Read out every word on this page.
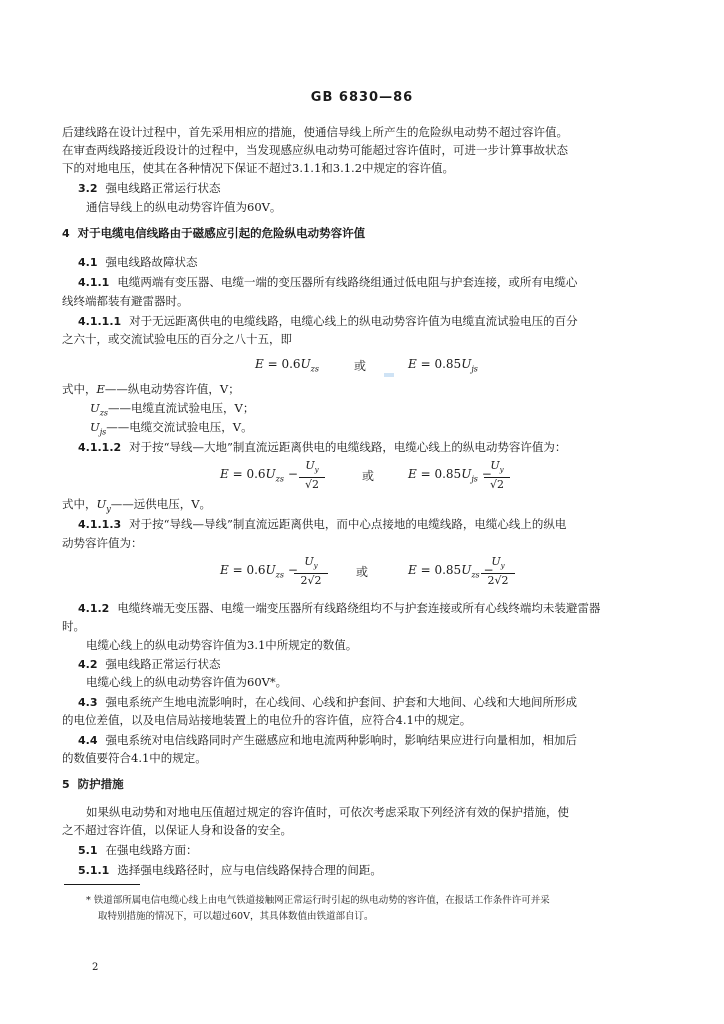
GB 6830—86
后建线路在设计过程中，首先采用相应的措施，使通信导线上所产生的危险纵电动势不超过容许值。
在审查两线路接近段设计的过程中，当发现感应纵电动势可能超过容许值时，可进一步计算事故状态
下的对地电压，使其在各种情况下保证不超过3.1.1和3.1.2中规定的容许值。
3.2 强电线路正常运行状态
通信导线上的纵电动势容许值为60V。
4 对于电缆电信线路由于磁感应引起的危险纵电动势容许值
4.1 强电线路故障状态
4.1.1 电缆两端有变压器、电缆一端的变压器所有线路绕组通过低电阻与护套连接，或所有电缆心
线终端都装有避雷器时。
4.1.1.1 对于无远距离供电的电缆线路，电缆心线上的纵电动势容许值为电缆直流试验电压的百分
之六十，或交流试验电压的百分之八十五，即
$E = 0.6U_{zs}$	或	$E = 0.85U_{js}$
式中，E——纵电动势容许值，V；
$U_{zs}——$电缆直流试验电压，V；
$U_{js}——$电缆交流试验电压，V。
4.1.1.2 对于按“导线—大地”制直流远距离供电的电缆线路，电缆心线上的纵电动势容许值为：
$E = 0.6U_{zs} - \frac{U_y}{√2}$	或	$E = 0.85U_{js}$ −
$\frac{U_y}{√2}$
式中，$U_y——$远供电压，V。
4.1.1.3 对于按“导线—导线”制直流远距离供电，而中心点接地的电缆线路，电缆心线上的纵电
动势容许值为：
$E = 0.6U_{zs}$ −
$\frac{U_y}{2√2}$ 或	$E = 0.85U_{zs}$ −
$\frac{U_y}{2√2}$
4.1.2 电缆终端无变压器、电缆一端变压器所有线路绕组均不与护套连接或所有心线终端均未装避雷器
时。
电缆心线上的纵电动势容许值为3.1中所规定的数值。
4.2 强电线路正常运行状态
电缆心线上的纵电动势容许值为60V*。
4.3 强电系统产生地电流影响时，在心线间、心线和护套间、护套和大地间、心线和大地间所形成
的电位差值，以及电信局站接地装置上的电位升的容许值，应符合4.1中的规定。
4.4 强电系统对电信线路同时产生磁感应和地电流两种影响时，影响结果应进行向量相加，相加后
的数值要符合4.1中的规定。
5 防护措施
如果纵电动势和对地电压值超过规定的容许值时，可依次考虑采取下列经济有效的保护措施，使
之不超过容许值，以保证人身和设备的安全。
5.1 在强电线路方面：
5.1.1 选择强电线路径时，应与电信线路保持合理的间距。
* 铁道部所属电信电缆心线上由电气铁道接触网正常运行时引起的纵电动势的容许值，在报话工作条件许可并采
取特别措施的情况下，可以超过60V，其具体数值由铁道部自订。
2
